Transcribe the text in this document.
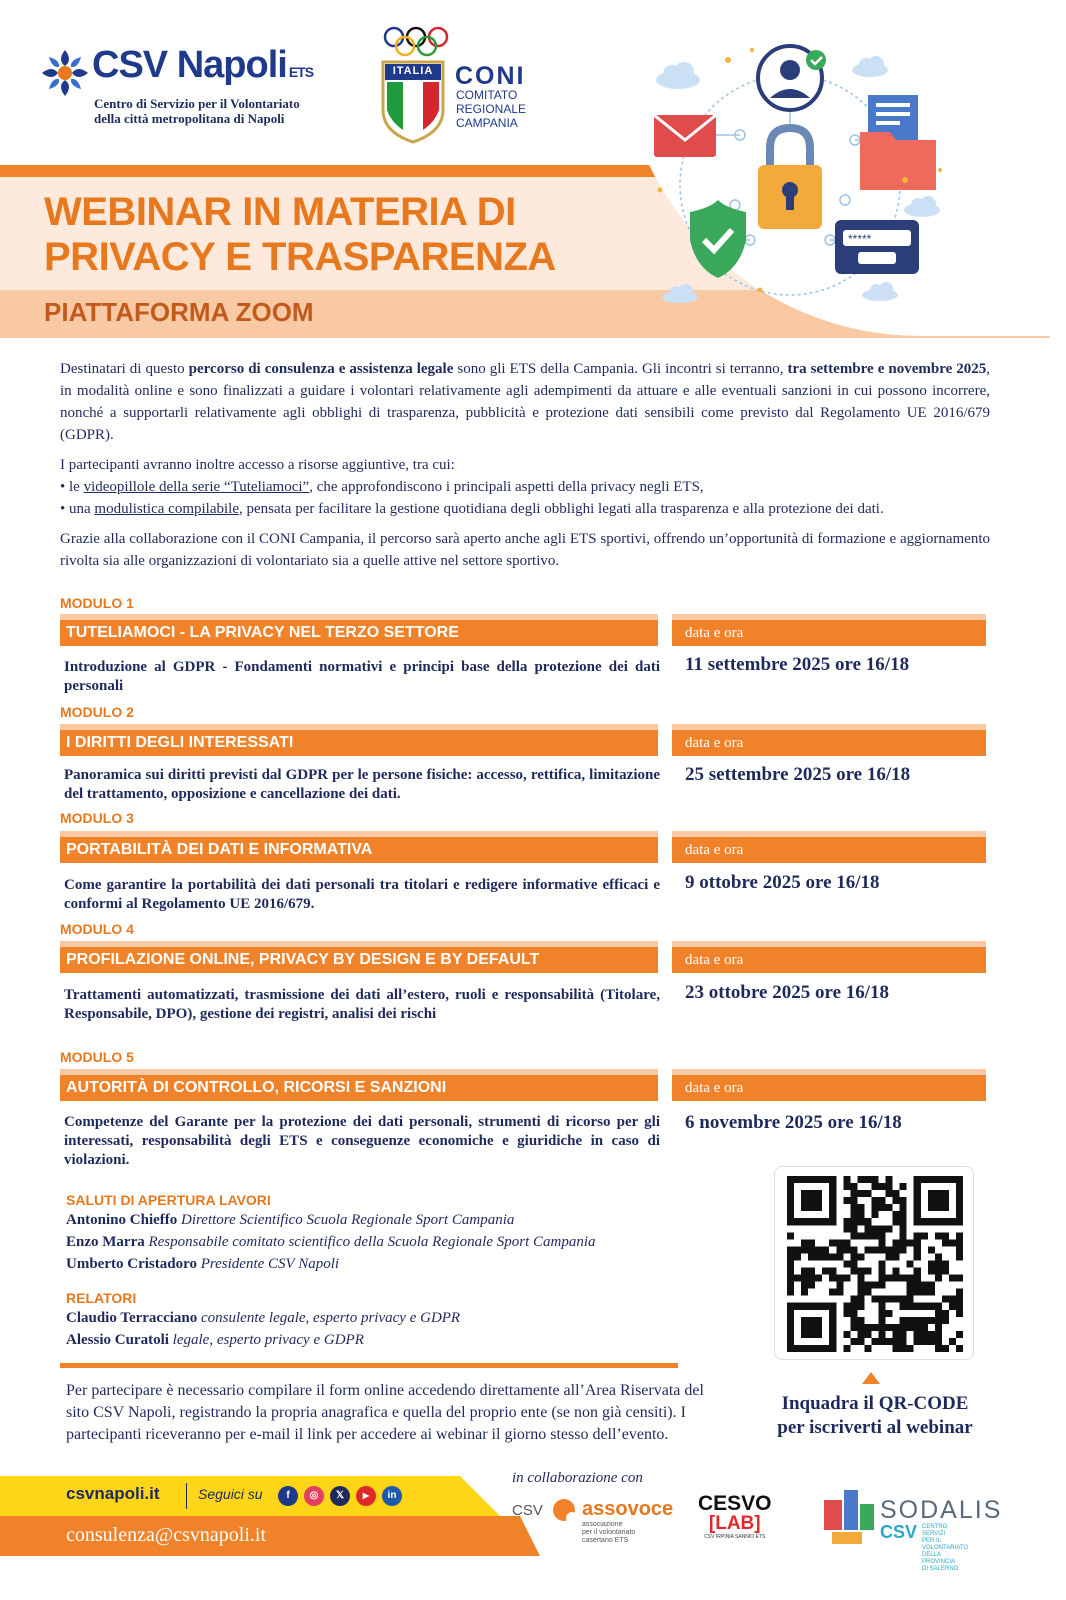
CSV Napoli ETS
Centro di Servizio per il Volontariato
della città metropolitana di Napoli
ITALIA CONI
COMITATO
REGIONALE
CAMPANIA
WEBINAR IN MATERIA DI
PRIVACY E TRASPARENZA
PIATTAFORMA ZOOM
*****
Destinatari di questo percorso di consulenza e assistenza legale sono gli ETS della Campania. Gli incontri si terranno, tra settembre e novembre 2025, in modalità online e sono finalizzati a guidare i volontari relativamente agli adempimenti da attuare e alle eventuali sanzioni in cui possono incorrere, nonché a supportarli relativamente agli obblighi di trasparenza, pubblicità e protezione dati sensibili come previsto dal Regolamento UE 2016/679 (GDPR).
I partecipanti avranno inoltre accesso a risorse aggiuntive, tra cui:
• le videopillole della serie “Tuteliamoci”, che approfondiscono i principali aspetti della privacy negli ETS,
• una modulistica compilabile, pensata per facilitare la gestione quotidiana degli obblighi legati alla trasparenza e alla protezione dei dati.
Grazie alla collaborazione con il CONI Campania, il percorso sarà aperto anche agli ETS sportivi, offrendo un’opportunità di formazione e aggiornamento rivolta sia alle organizzazioni di volontariato sia a quelle attive nel settore sportivo.
MODULO 1
TUTELIAMOCI - LA PRIVACY NEL TERZO SETTORE	data e ora
Introduzione al GDPR - Fondamenti normativi e principi base della protezione dei dati personali
11 settembre 2025 ore 16/18
MODULO 2
I DIRITTI DEGLI INTERESSATI	data e ora
Panoramica sui diritti previsti dal GDPR per le persone fisiche: accesso, rettifica, limitazione del trattamento, opposizione e cancellazione dei dati.
25 settembre 2025 ore 16/18
MODULO 3
PORTABILITÀ DEI DATI E INFORMATIVA	data e ora
Come garantire la portabilità dei dati personali tra titolari e redigere informative efficaci e conformi al Regolamento UE 2016/679.
9 ottobre 2025 ore 16/18
MODULO 4
PROFILAZIONE ONLINE, PRIVACY BY DESIGN E BY DEFAULT	data e ora
Trattamenti automatizzati, trasmissione dei dati all’estero, ruoli e responsabilità (Titolare, Responsabile, DPO), gestione dei registri, analisi dei rischi
23 ottobre 2025 ore 16/18
MODULO 5
AUTORITÀ DI CONTROLLO, RICORSI E SANZIONI	data e ora
Competenze del Garante per la protezione dei dati personali, strumenti di ricorso per gli interessati, responsabilità degli ETS e conseguenze economiche e giuridiche in caso di violazioni.
6 novembre 2025 ore 16/18
SALUTI DI APERTURA LAVORI
Antonino Chieffo Direttore Scientifico Scuola Regionale Sport Campania
Enzo Marra Responsabile comitato scientifico della Scuola Regionale Sport Campania
Umberto Cristadoro Presidente CSV Napoli
RELATORI
Claudio Terracciano consulente legale, esperto privacy e GDPR
Alessio Curatoli legale, esperto privacy e GDPR
Inquadra il QR-CODE
per iscriverti al webinar
Per partecipare è necessario compilare il form online accedendo direttamente all’Area Riservata del sito CSV Napoli, registrando la propria anagrafica e quella del proprio ente (se non già censiti). I partecipanti riceveranno per e-mail il link per accedere ai webinar il giorno stesso dell’evento.
csvnapoli.it	Seguici su	f	◎	𝕏	▶	in
consulenza@csvnapoli.it
in collaborazione con
CSV assovoce
associazione
per il volontariato
casertano ETS
CESVO
[LAB]
CSV IRPINIA SANNIO ETS
SODALIS
CSV CENTRO SERVIZI
PER IL VOLONTARIATO
DELLA PROVINCIA
DI SALERNO
